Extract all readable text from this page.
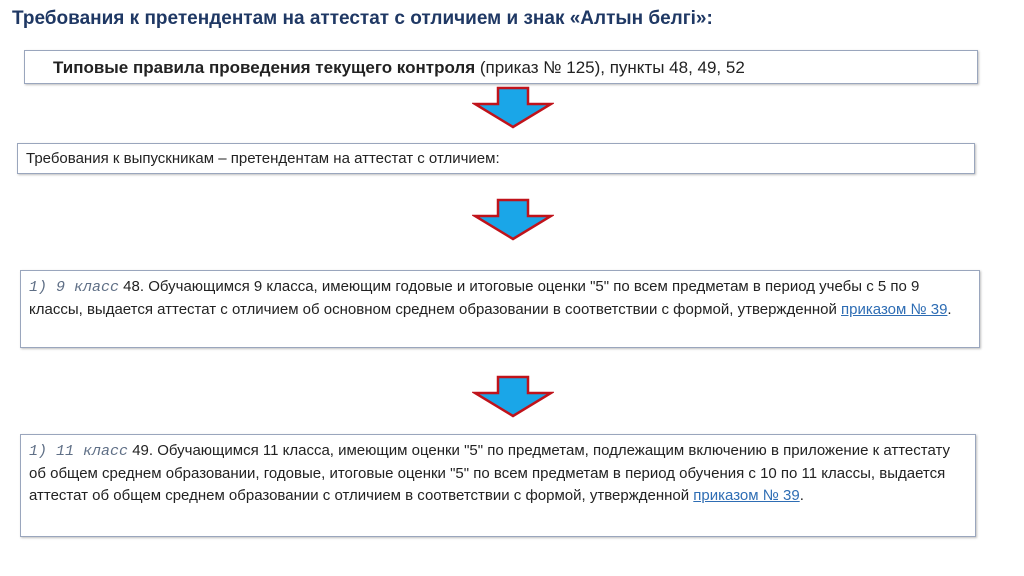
Требования к претендентам на аттестат с отличием и знак «Алтын белгі»:
Типовые правила проведения текущего контроля (приказ № 125), пункты 48, 49, 52
Требования к выпускникам – претендентам на аттестат с отличием:
1) 9 класс 48. Обучающимся 9 класса, имеющим годовые и итоговые оценки "5" по всем предметам в период учебы с 5 по 9 классы, выдается аттестат с отличием об основном среднем образовании в соответствии с формой, утвержденной приказом № 39.
1) 11 класс 49. Обучающимся 11 класса, имеющим оценки "5" по предметам, подлежащим включению в приложение к аттестату об общем среднем образовании, годовые, итоговые оценки "5" по всем предметам в период обучения с 10 по 11 классы, выдается аттестат об общем среднем образовании с отличием в соответствии с формой, утвержденной приказом № 39.
